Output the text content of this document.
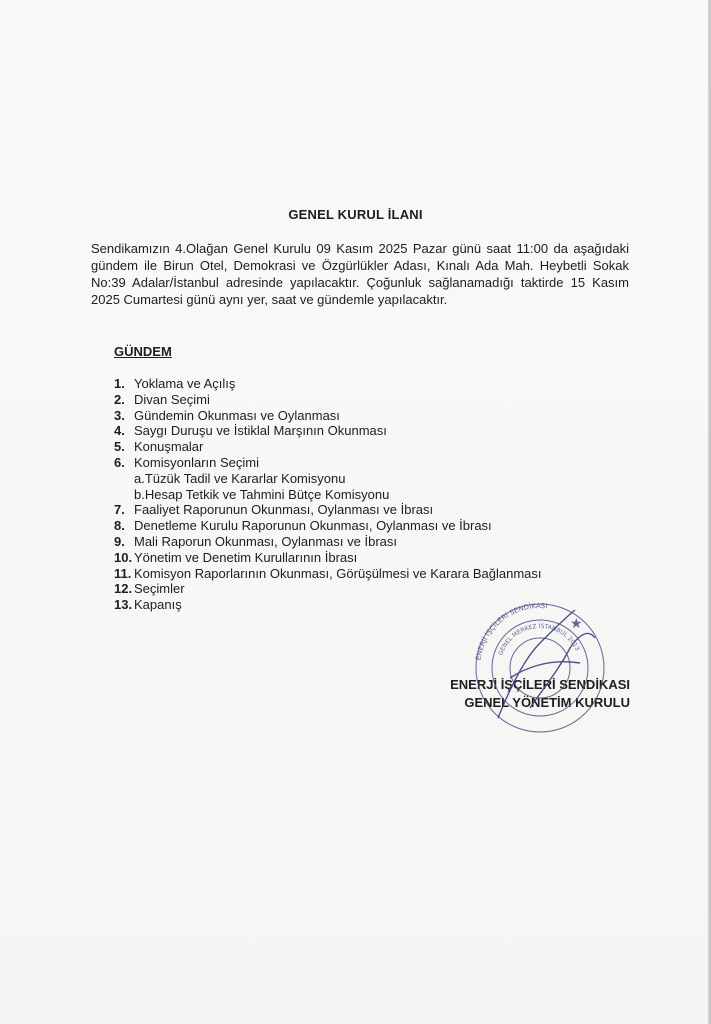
GENEL KURUL İLANI

Sendikamızın 4.Olağan Genel Kurulu 09 Kasım 2025 Pazar günü saat 11:00 da aşağıdaki gündem ile Birun Otel, Demokrasi ve Özgürlükler Adası, Kınalı Ada Mah. Heybetli Sokak No:39 Adalar/İstanbul adresinde yapılacaktır. Çoğunluk sağlanamadığı taktirde 15 Kasım 2025 Cumartesi günü aynı yer, saat ve gündemle yapılacaktır.

GÜNDEM

1. Yoklama ve Açılış
2. Divan Seçimi
3. Gündemin Okunması ve Oylanması
4. Saygı Duruşu ve İstiklal Marşının Okunması
5. Konuşmalar
6. Komisyonların Seçimi
a.Tüzük Tadil ve Kararlar Komisyonu
b.Hesap Tetkik ve Tahmini Bütçe Komisyonu
7. Faaliyet Raporunun Okunması, Oylanması ve İbrası
8. Denetleme Kurulu Raporunun Okunması, Oylanması ve İbrası
9. Mali Raporun Okunması, Oylanması ve İbrası
10. Yönetim ve Denetim Kurullarının İbrası
11. Komisyon Raporlarının Okunması, Görüşülmesi ve Karara Bağlanması
12. Seçimler
13. Kapanış
ENERJİ İŞÇİLERİ SENDİKASI
GENEL YÖNETİM KURULU
ENERJİ İŞÇİLERİ SENDİKASI
GENEL MERKEZ İSTANBUL 2013
★
